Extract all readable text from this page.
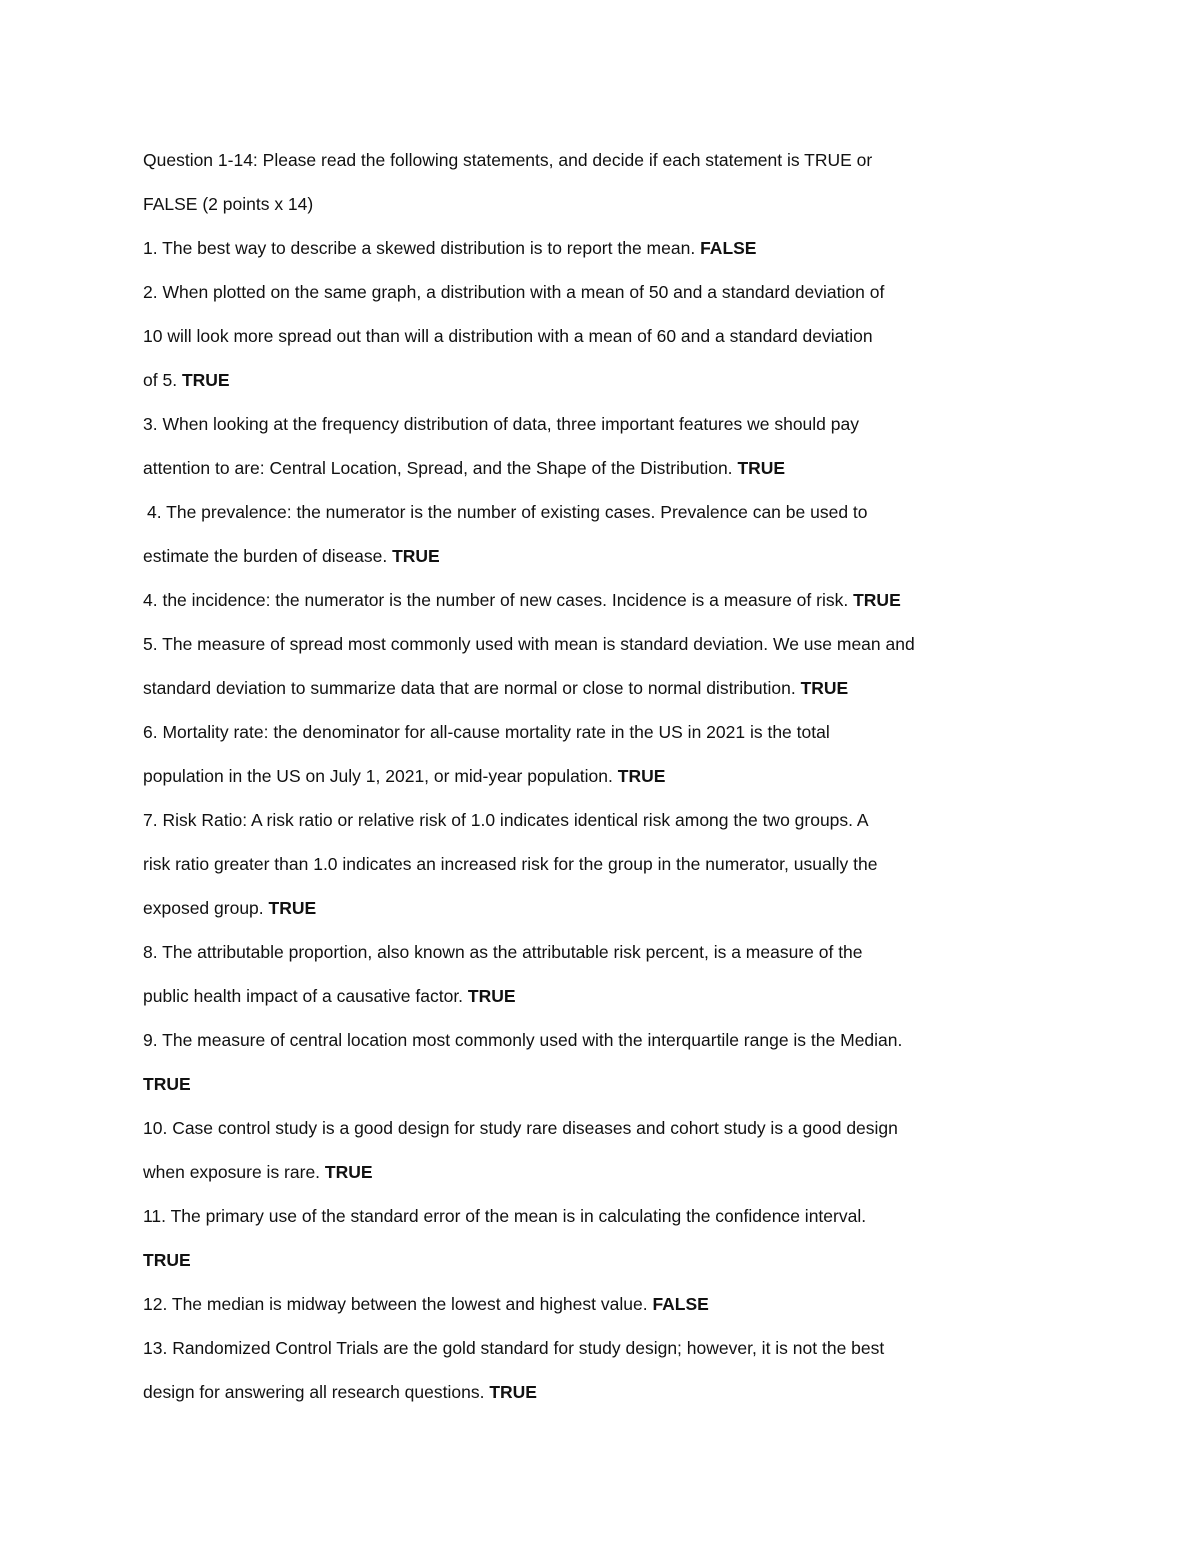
Question 1-14: Please read the following statements, and decide if each statement is TRUE or
FALSE (2 points x 14)
1. The best way to describe a skewed distribution is to report the mean. FALSE
2. When plotted on the same graph, a distribution with a mean of 50 and a standard deviation of
10 will look more spread out than will a distribution with a mean of 60 and a standard deviation
of 5. TRUE
3. When looking at the frequency distribution of data, three important features we should pay
attention to are: Central Location, Spread, and the Shape of the Distribution. TRUE
4. The prevalence: the numerator is the number of existing cases. Prevalence can be used to
estimate the burden of disease. TRUE
4. the incidence: the numerator is the number of new cases. Incidence is a measure of risk. TRUE
5. The measure of spread most commonly used with mean is standard deviation. We use mean and
standard deviation to summarize data that are normal or close to normal distribution. TRUE
6. Mortality rate: the denominator for all-cause mortality rate in the US in 2021 is the total
population in the US on July 1, 2021, or mid-year population. TRUE
7. Risk Ratio: A risk ratio or relative risk of 1.0 indicates identical risk among the two groups. A
risk ratio greater than 1.0 indicates an increased risk for the group in the numerator, usually the
exposed group. TRUE
8. The attributable proportion, also known as the attributable risk percent, is a measure of the
public health impact of a causative factor. TRUE
9. The measure of central location most commonly used with the interquartile range is the Median.
TRUE
10. Case control study is a good design for study rare diseases and cohort study is a good design
when exposure is rare. TRUE
11. The primary use of the standard error of the mean is in calculating the confidence interval.
TRUE
12. The median is midway between the lowest and highest value. FALSE
13. Randomized Control Trials are the gold standard for study design; however, it is not the best
design for answering all research questions. TRUE
